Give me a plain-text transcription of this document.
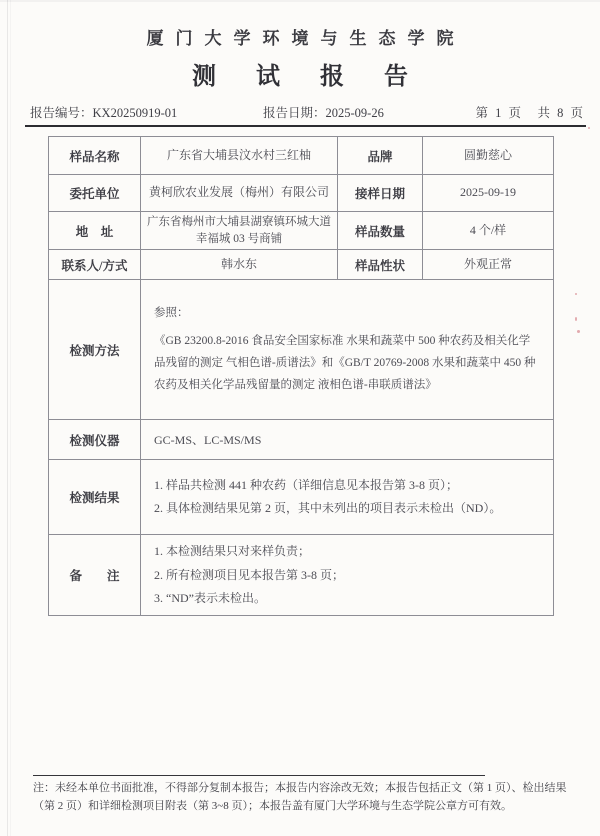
厦门大学环境与生态学院
测试报告
报告编号：KX20250919-01	报告日期：2025-09-26	第 1 页　共 8 页
样品名称	广东省大埔县汶水村三红柚	品牌	圆勤慈心
委托单位	黄柯欣农业发展（梅州）有限公司	接样日期	2025-09-19
地　址	广东省梅州市大埔县湖寮镇环城大道幸福城 03 号商铺	样品数量	4 个/样
联系人/方式	韩水东	样品性状	外观正常
检测方法	参照：
《GB 23200.8-2016 食品安全国家标准 水果和蔬菜中 500 种农药及相关化学品残留的测定 气相色谱-质谱法》和《GB/T 20769-2008 水果和蔬菜中 450 种农药及相关化学品残留量的测定 液相色谱-串联质谱法》		

检测仪器	GC-MS、LC-MS/MS		
检测结果	1. 样品共检测 441 种农药（详细信息见本报告第 3-8 页）；
2. 具体检测结果见第 2 页，其中未列出的项目表示未检出（ND）。		

备　　注	1. 本检测结果只对来样负责；
2. 所有检测项目见本报告第 3-8 页；
3. “ND”表示未检出。		

注：未经本单位书面批准，不得部分复制本报告；本报告内容涂改无效；本报告包括正文（第 1 页）、检出结果（第 2 页）和详细检测项目附表（第 3~8 页）；本报告盖有厦门大学环境与生态学院公章方可有效。
